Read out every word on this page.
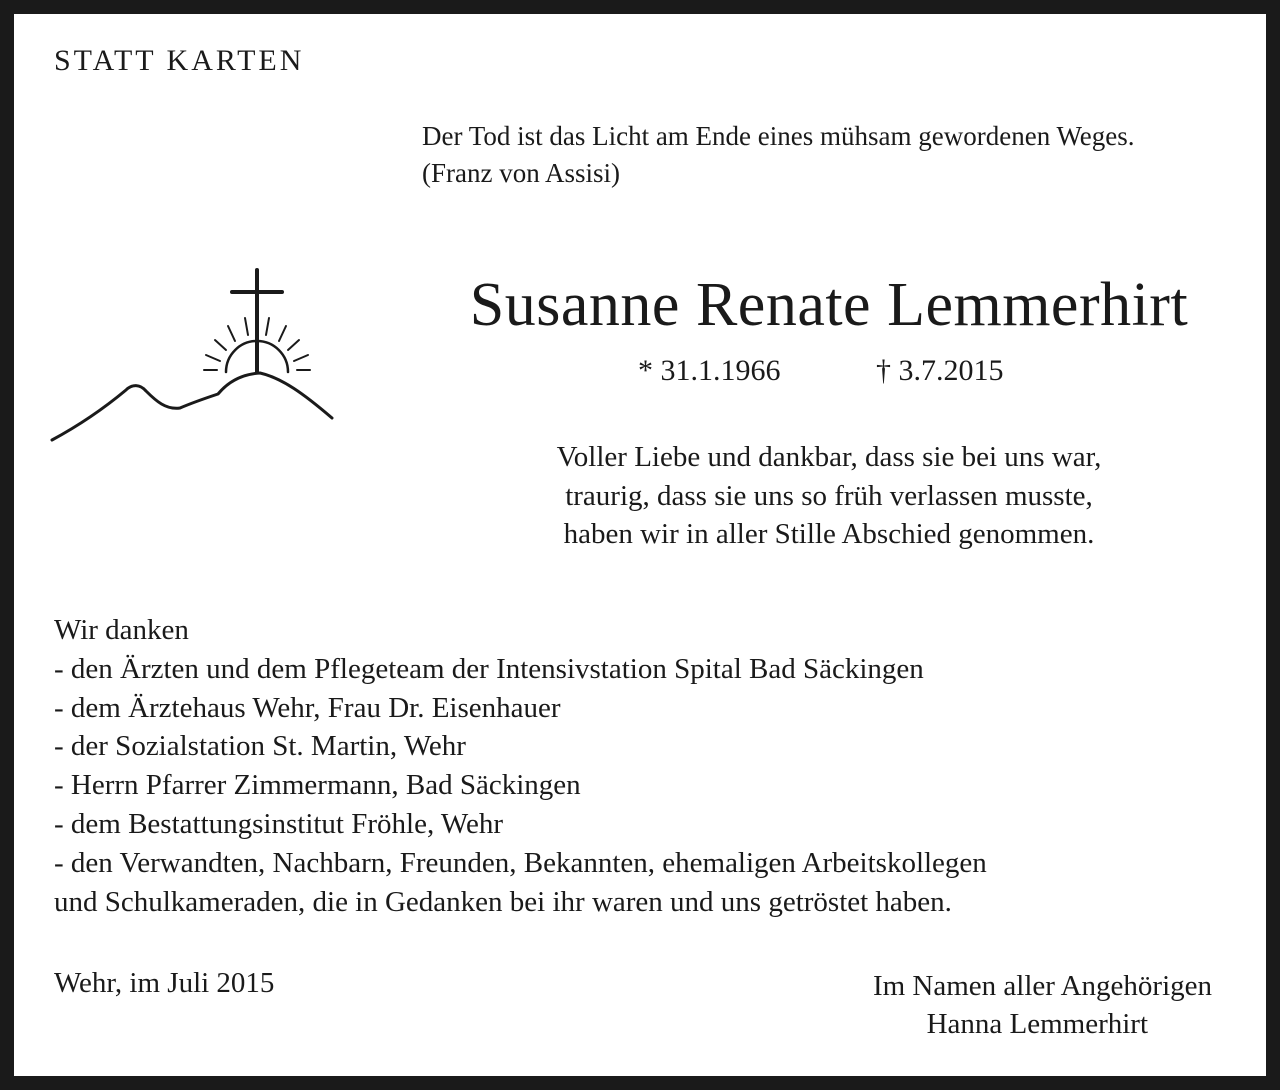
STATT KARTEN
Der Tod ist das Licht am Ende eines mühsam gewordenen Weges.
(Franz von Assisi)
Susanne Renate Lemmerhirt
* 31.1.1966	† 3.7.2015
Voller Liebe und dankbar, dass sie bei uns war,
traurig, dass sie uns so früh verlassen musste,
haben wir in aller Stille Abschied genommen.
Wir danken
- den Ärzten und dem Pflegeteam der Intensivstation Spital Bad Säckingen
- dem Ärztehaus Wehr, Frau Dr. Eisenhauer
- der Sozialstation St. Martin, Wehr
- Herrn Pfarrer Zimmermann, Bad Säckingen
- dem Bestattungsinstitut Fröhle, Wehr
- den Verwandten, Nachbarn, Freunden, Bekannten, ehemaligen Arbeitskollegen
und Schulkameraden, die in Gedanken bei ihr waren und uns getröstet haben.
Wehr, im Juli 2015	Im Namen aller Angehörigen
Hanna Lemmerhirt
